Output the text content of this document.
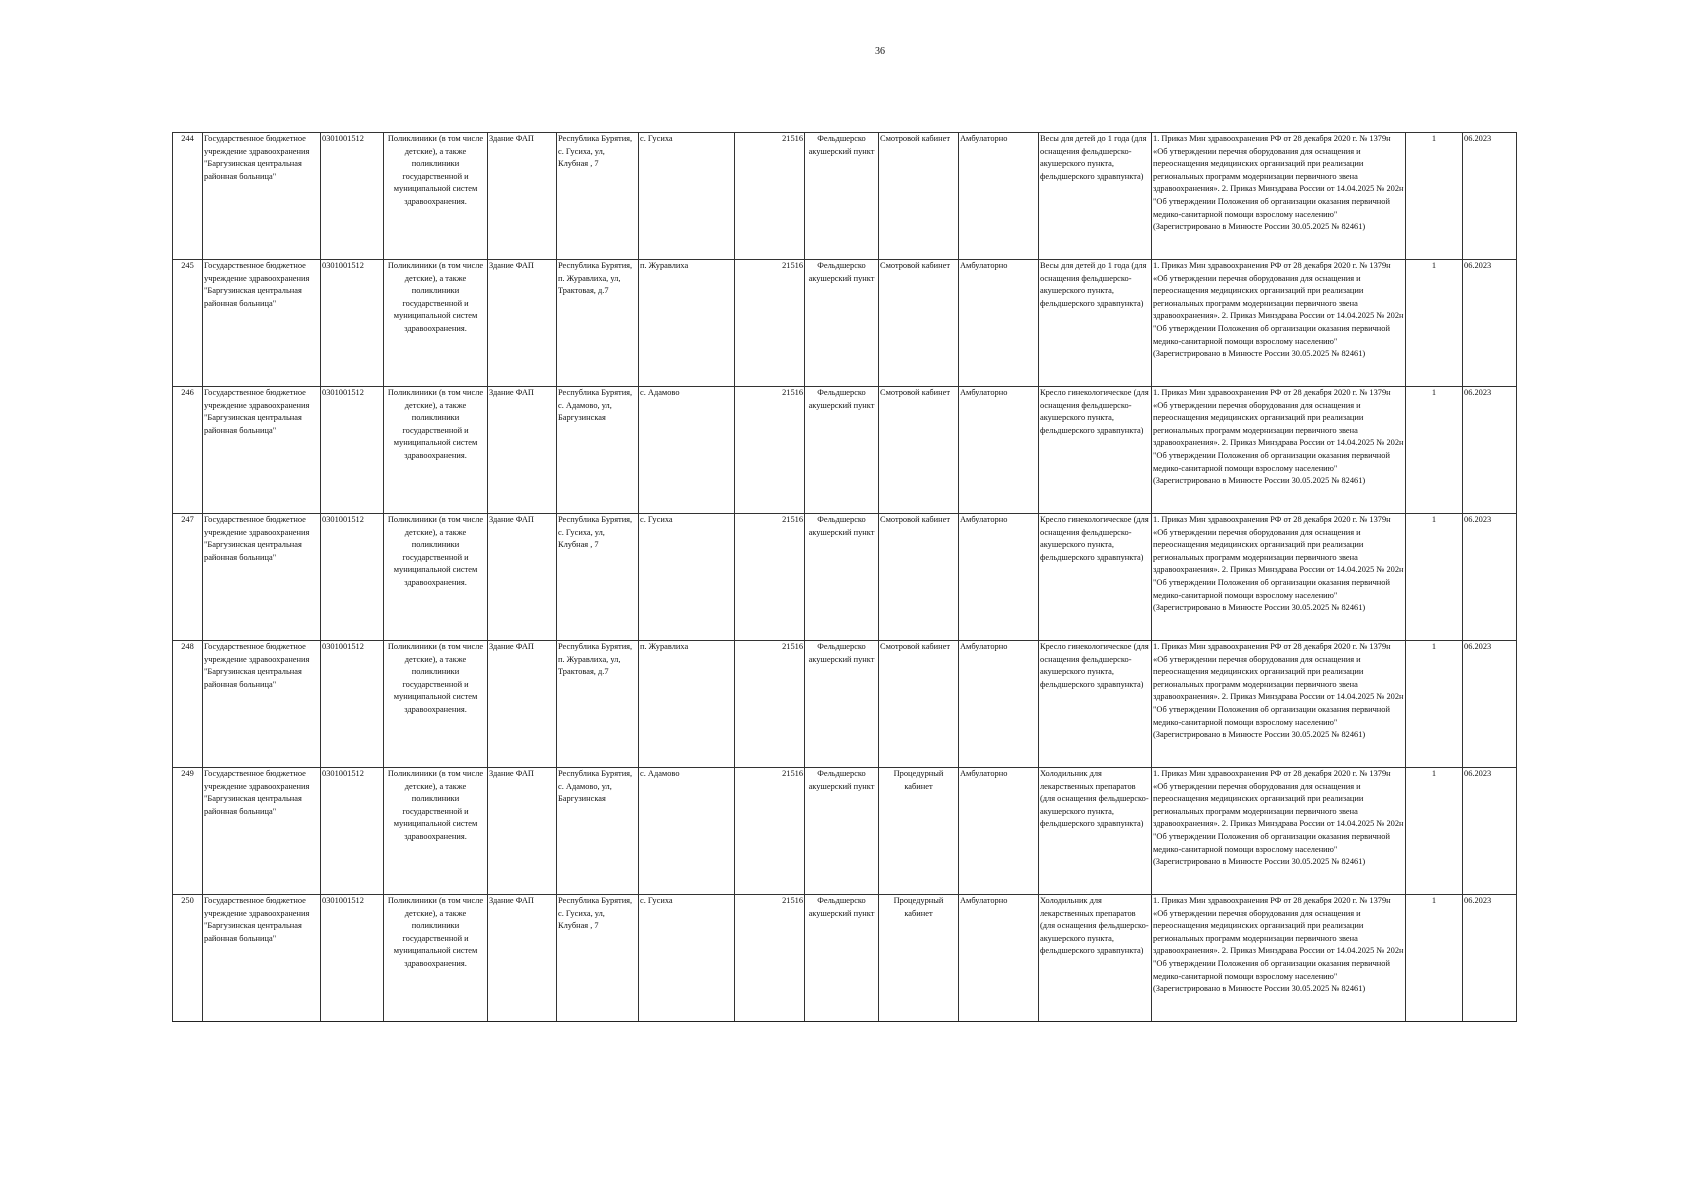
36
244	Государственное бюджетное учреждение здравоохранения "Баргузинская центральная районная больница"	0301001512	Поликлиники (в том числе детские), а также поликлиники государственной и муниципальной систем здравоохранения.	Здание ФАП	Республика Бурятия, с. Гусиха, ул, Клубная , 7	с. Гусиха	21516	Фельдшерско акушерский пункт	Смотровой кабинет	Амбулаторно	Весы для детей до 1 года (для оснащения фельдшерско-акушерского пункта, фельдшерского здравпункта)	1. Приказ Мин здравоохранения РФ от 28 декабря 2020 г. № 1379н «Об утверждении перечня оборудования для оснащения и переоснащения медицинских организаций при реализации региональных программ модернизации первичного звена здравоохранения». 2. Приказ Минздрава России от 14.04.2025 № 202н "Об утверждении Положения об организации оказания первичной медико-санитарной помощи взрослому населению" (Зарегистрировано в Минюсте России 30.05.2025 № 82461)	1	06.2023
245	Государственное бюджетное учреждение здравоохранения "Баргузинская центральная районная больница"	0301001512	Поликлиники (в том числе детские), а также поликлиники государственной и муниципальной систем здравоохранения.	Здание ФАП	Республика Бурятия, п. Журавлиха, ул, Трактовая, д.7	п. Журавлиха	21516	Фельдшерско акушерский пункт	Смотровой кабинет	Амбулаторно	Весы для детей до 1 года (для оснащения фельдшерско-акушерского пункта, фельдшерского здравпункта)	1. Приказ Мин здравоохранения РФ от 28 декабря 2020 г. № 1379н «Об утверждении перечня оборудования для оснащения и переоснащения медицинских организаций при реализации региональных программ модернизации первичного звена здравоохранения». 2. Приказ Минздрава России от 14.04.2025 № 202н "Об утверждении Положения об организации оказания первичной медико-санитарной помощи взрослому населению" (Зарегистрировано в Минюсте России 30.05.2025 № 82461)	1	06.2023
246	Государственное бюджетное учреждение здравоохранения "Баргузинская центральная районная больница"	0301001512	Поликлиники (в том числе детские), а также поликлиники государственной и муниципальной систем здравоохранения.	Здание ФАП	Республика Бурятия, с. Адамово, ул, Баргузинская	с. Адамово	21516	Фельдшерско акушерский пункт	Смотровой кабинет	Амбулаторно	Кресло гинекологическое (для оснащения фельдшерско-акушерского пункта, фельдшерского здравпункта)	1. Приказ Мин здравоохранения РФ от 28 декабря 2020 г. № 1379н «Об утверждении перечня оборудования для оснащения и переоснащения медицинских организаций при реализации региональных программ модернизации первичного звена здравоохранения». 2. Приказ Минздрава России от 14.04.2025 № 202н "Об утверждении Положения об организации оказания первичной медико-санитарной помощи взрослому населению" (Зарегистрировано в Минюсте России 30.05.2025 № 82461)	1	06.2023
247	Государственное бюджетное учреждение здравоохранения "Баргузинская центральная районная больница"	0301001512	Поликлиники (в том числе детские), а также поликлиники государственной и муниципальной систем здравоохранения.	Здание ФАП	Республика Бурятия, с. Гусиха, ул, Клубная , 7	с. Гусиха	21516	Фельдшерско акушерский пункт	Смотровой кабинет	Амбулаторно	Кресло гинекологическое (для оснащения фельдшерско-акушерского пункта, фельдшерского здравпункта)	1. Приказ Мин здравоохранения РФ от 28 декабря 2020 г. № 1379н «Об утверждении перечня оборудования для оснащения и переоснащения медицинских организаций при реализации региональных программ модернизации первичного звена здравоохранения». 2. Приказ Минздрава России от 14.04.2025 № 202н "Об утверждении Положения об организации оказания первичной медико-санитарной помощи взрослому населению" (Зарегистрировано в Минюсте России 30.05.2025 № 82461)	1	06.2023
248	Государственное бюджетное учреждение здравоохранения "Баргузинская центральная районная больница"	0301001512	Поликлиники (в том числе детские), а также поликлиники государственной и муниципальной систем здравоохранения.	Здание ФАП	Республика Бурятия, п. Журавлиха, ул, Трактовая, д.7	п. Журавлиха	21516	Фельдшерско акушерский пункт	Смотровой кабинет	Амбулаторно	Кресло гинекологическое (для оснащения фельдшерско-акушерского пункта, фельдшерского здравпункта)	1. Приказ Мин здравоохранения РФ от 28 декабря 2020 г. № 1379н «Об утверждении перечня оборудования для оснащения и переоснащения медицинских организаций при реализации региональных программ модернизации первичного звена здравоохранения». 2. Приказ Минздрава России от 14.04.2025 № 202н "Об утверждении Положения об организации оказания первичной медико-санитарной помощи взрослому населению" (Зарегистрировано в Минюсте России 30.05.2025 № 82461)	1	06.2023
249	Государственное бюджетное учреждение здравоохранения "Баргузинская центральная районная больница"	0301001512	Поликлиники (в том числе детские), а также поликлиники государственной и муниципальной систем здравоохранения.	Здание ФАП	Республика Бурятия, с. Адамово, ул, Баргузинская	с. Адамово	21516	Фельдшерско акушерский пункт	Процедурный кабинет	Амбулаторно	Холодильник для лекарственных препаратов (для оснащения фельдшерско-акушерского пункта, фельдшерского здравпункта)	1. Приказ Мин здравоохранения РФ от 28 декабря 2020 г. № 1379н «Об утверждении перечня оборудования для оснащения и переоснащения медицинских организаций при реализации региональных программ модернизации первичного звена здравоохранения». 2. Приказ Минздрава России от 14.04.2025 № 202н "Об утверждении Положения об организации оказания первичной медико-санитарной помощи взрослому населению" (Зарегистрировано в Минюсте России 30.05.2025 № 82461)	1	06.2023
250	Государственное бюджетное учреждение здравоохранения "Баргузинская центральная районная больница"	0301001512	Поликлиники (в том числе детские), а также поликлиники государственной и муниципальной систем здравоохранения.	Здание ФАП	Республика Бурятия, с. Гусиха, ул, Клубная , 7	с. Гусиха	21516	Фельдшерско акушерский пункт	Процедурный кабинет	Амбулаторно	Холодильник для лекарственных препаратов (для оснащения фельдшерско-акушерского пункта, фельдшерского здравпункта)	1. Приказ Мин здравоохранения РФ от 28 декабря 2020 г. № 1379н «Об утверждении перечня оборудования для оснащения и переоснащения медицинских организаций при реализации региональных программ модернизации первичного звена здравоохранения». 2. Приказ Минздрава России от 14.04.2025 № 202н "Об утверждении Положения об организации оказания первичной медико-санитарной помощи взрослому населению" (Зарегистрировано в Минюсте России 30.05.2025 № 82461)	1	06.2023
